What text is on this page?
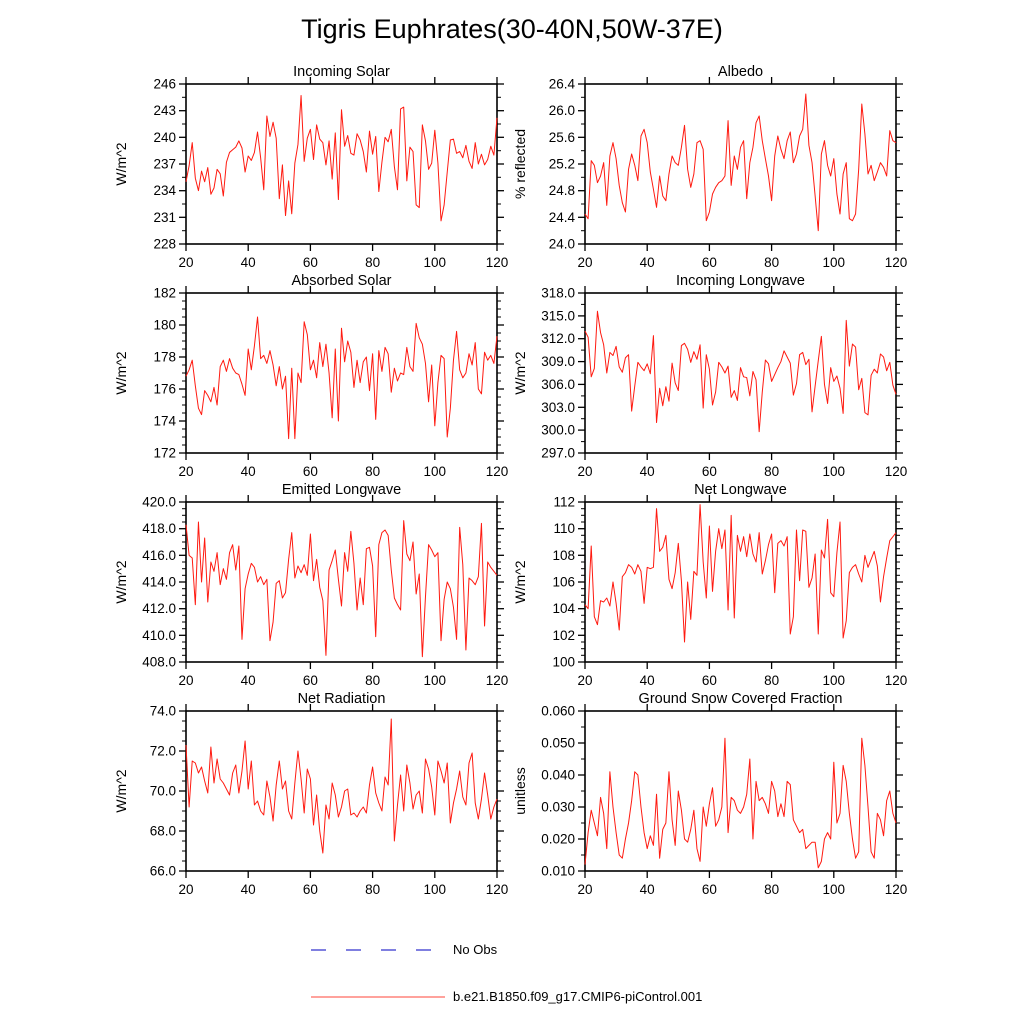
Tigris Euphrates(30-40N,50W-37E)
Incoming Solar
W/m^2
20	40	60	80	100	120
228
231
234
237
240
243
246
Albedo
% reflected
20	40	60	80	100	120
24.0
24.4
24.8
25.2
25.6
26.0
26.4
Absorbed Solar
W/m^2
20	40	60	80	100	120
172
174
176
178
180
182
Incoming Longwave
W/m^2
20	40	60	80	100	120
297.0
300.0
303.0
306.0
309.0
312.0
315.0
318.0
Emitted Longwave
W/m^2
20	40	60	80	100	120
408.0
410.0
412.0
414.0
416.0
418.0
420.0
Net Longwave
W/m^2
20	40	60	80	100	120
100
102
104
106
108
110
112
Net Radiation
W/m^2
20	40	60	80	100	120
66.0
68.0
70.0
72.0
74.0
Ground Snow Covered Fraction
unitless
20	40	60	80	100	120
0.010
0.020
0.030
0.040
0.050
0.060
No Obs
b.e21.B1850.f09_g17.CMIP6-piControl.001
